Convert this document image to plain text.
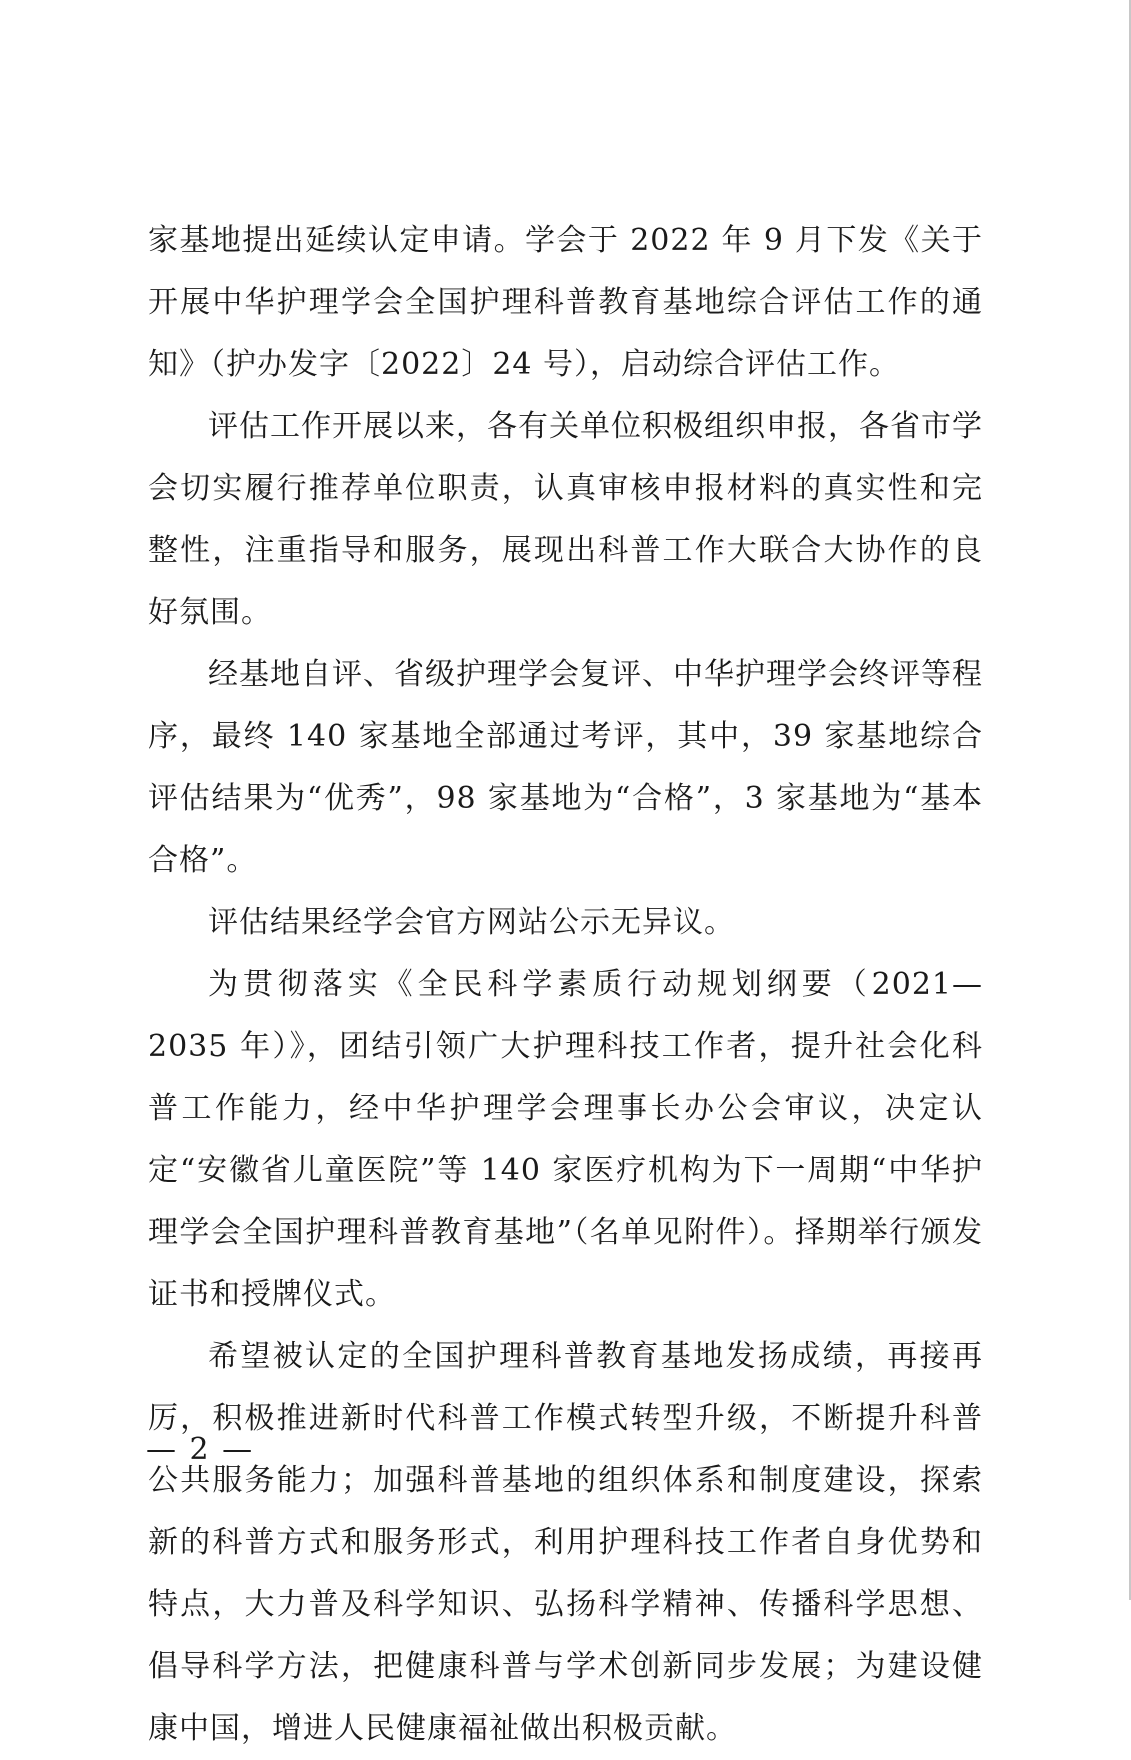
家基地提出延续认定申请。学会于 2022 年 9 月下发《关于开展中华护理学会全国护理科普教育基地综合评估工作的通知》（护办发字〔2022〕24 号），启动综合评估工作。

评估工作开展以来，各有关单位积极组织申报，各省市学会切实履行推荐单位职责，认真审核申报材料的真实性和完整性，注重指导和服务，展现出科普工作大联合大协作的良好氛围。

经基地自评、省级护理学会复评、中华护理学会终评等程序，最终 140 家基地全部通过考评，其中，39 家基地综合评估结果为“优秀”，98 家基地为“合格”，3 家基地为“基本合格”。

评估结果经学会官方网站公示无异议。

为贯彻落实《全民科学素质行动规划纲要（2021—2035 年）》，团结引领广大护理科技工作者，提升社会化科普工作能力，经中华护理学会理事长办公会审议，决定认定“安徽省儿童医院”等 140 家医疗机构为下一周期“中华护理学会全国护理科普教育基地”（名单见附件）。择期举行颁发证书和授牌仪式。

希望被认定的全国护理科普教育基地发扬成绩，再接再厉，积极推进新时代科普工作模式转型升级，不断提升科普公共服务能力；加强科普基地的组织体系和制度建设，探索新的科普方式和服务形式，利用护理科技工作者自身优势和特点，大力普及科学知识、弘扬科学精神、传播科学思想、倡导科学方法，把健康科普与学术创新同步发展；为建设健康中国，增进人民健康福祉做出积极贡献。

— 2 —
